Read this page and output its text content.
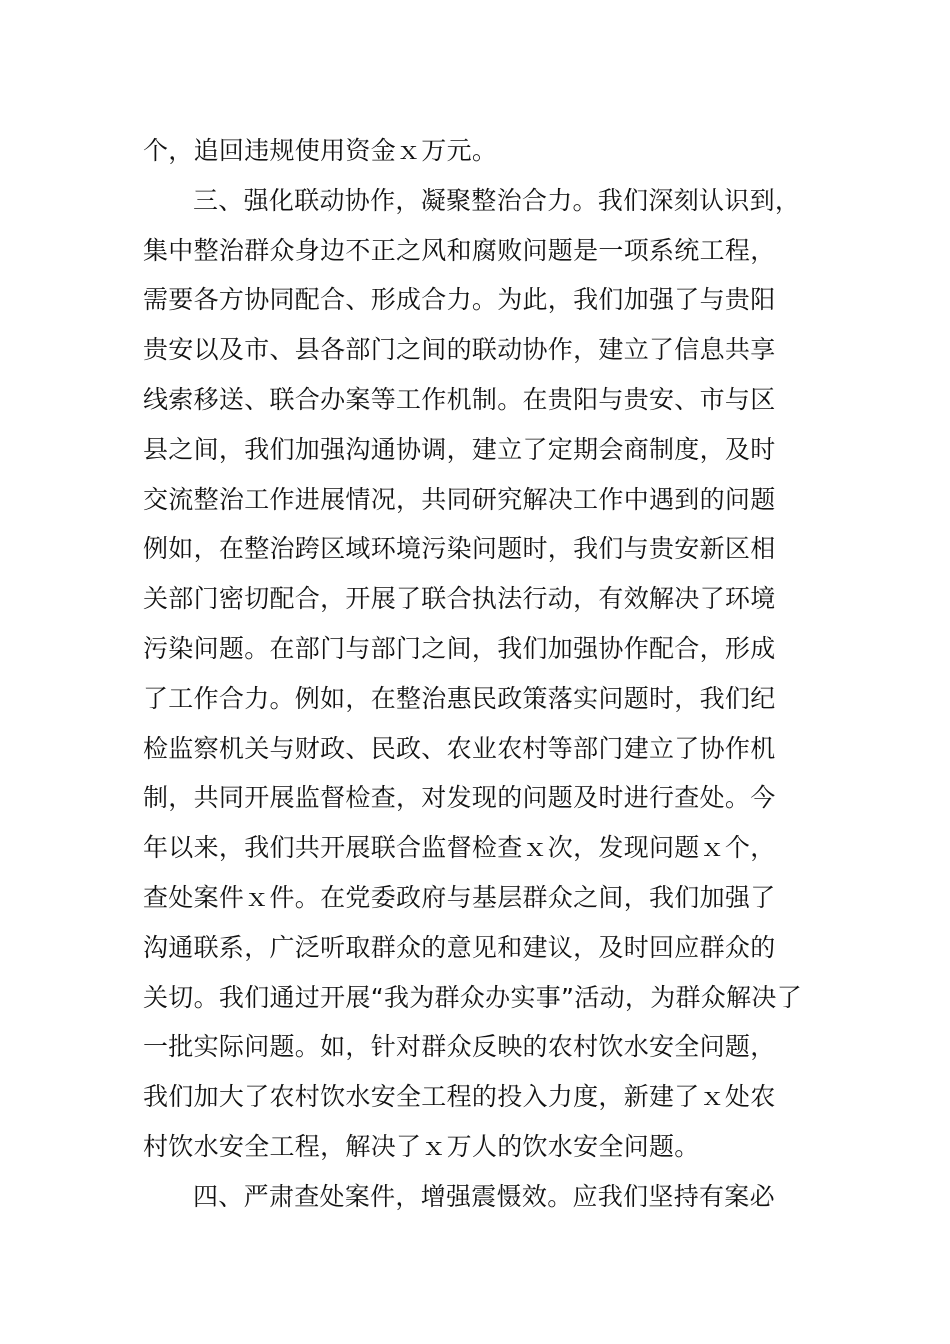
个，追回违规使用资金ｘ万元。
三、强化联动协作，凝聚整治合力。我们深刻认识到，
集中整治群众身边不正之风和腐败问题是一项系统工程，
需要各方协同配合、形成合力。为此，我们加强了与贵阳
贵安以及市、县各部门之间的联动协作，建立了信息共享
线索移送、联合办案等工作机制。在贵阳与贵安、市与区
县之间，我们加强沟通协调，建立了定期会商制度，及时
交流整治工作进展情况，共同研究解决工作中遇到的问题
例如，在整治跨区域环境污染问题时，我们与贵安新区相
关部门密切配合，开展了联合执法行动，有效解决了环境
污染问题。在部门与部门之间，我们加强协作配合，形成
了工作合力。例如，在整治惠民政策落实问题时，我们纪
检监察机关与财政、民政、农业农村等部门建立了协作机
制，共同开展监督检查，对发现的问题及时进行查处。今
年以来，我们共开展联合监督检查ｘ次，发现问题ｘ个，
查处案件ｘ件。在党委政府与基层群众之间，我们加强了
沟通联系，广泛听取群众的意见和建议，及时回应群众的
关切。我们通过开展“我为群众办实事”活动，为群众解决了
一批实际问题。如，针对群众反映的农村饮水安全问题，
我们加大了农村饮水安全工程的投入力度，新建了ｘ处农
村饮水安全工程，解决了ｘ万人的饮水安全问题。
四、严肃查处案件，增强震慑效。应我们坚持有案必
